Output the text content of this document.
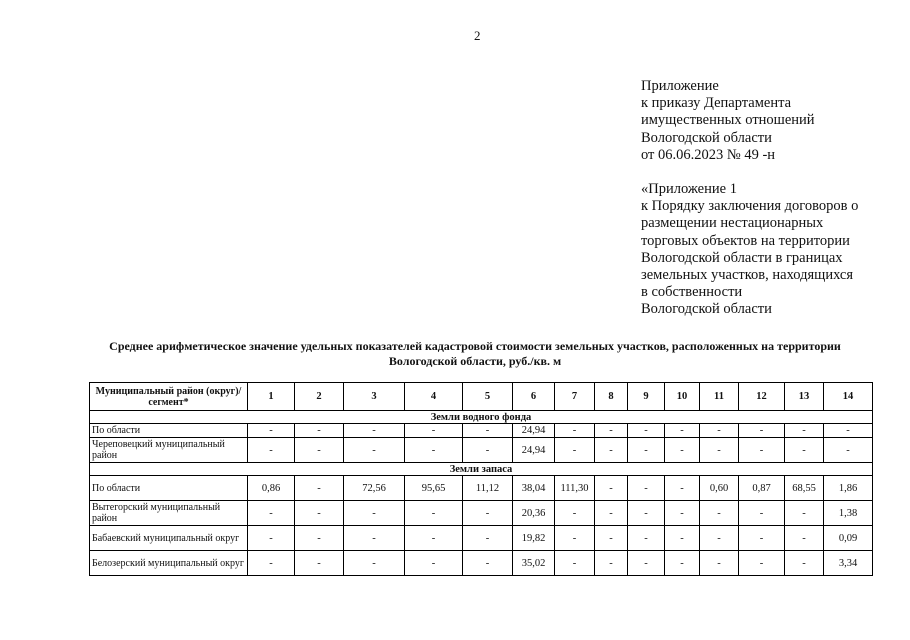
2
Приложение
к приказу Департамента
имущественных отношений
Вологодской области
от 06.06.2023 № 49 -н
«Приложение 1
к Порядку заключения договоров о
размещении нестационарных
торговых объектов на территории
Вологодской области в границах
земельных участков, находящихся
в собственности
Вологодской области
Среднее арифметическое значение удельных показателей кадастровой стоимости земельных участков, расположенных на территории Вологодской области, руб./кв. м
Муниципальный район (округ)/сегмент*	1	2	3	4	5	6	7	8	9	10	11	12	13	14
Земли водного фонда														
По области	-	-	-	-	-	24,94	-	-	-	-	-	-	-	-
Череповецкий муниципальный район	-	-	-	-	-	24,94	-	-	-	-	-	-	-	-
Земли запаса														
По области	0,86	-	72,56	95,65	11,12	38,04	111,30	-	-	-	0,60	0,87	68,55	1,86
Вытегорский муниципальный район	-	-	-	-	-	20,36	-	-	-	-	-	-	-	1,38
Бабаевский муниципальный округ	-	-	-	-	-	19,82	-	-	-	-	-	-	-	0,09
Белозерский муниципальный округ	-	-	-	-	-	35,02	-	-	-	-	-	-	-	3,34
